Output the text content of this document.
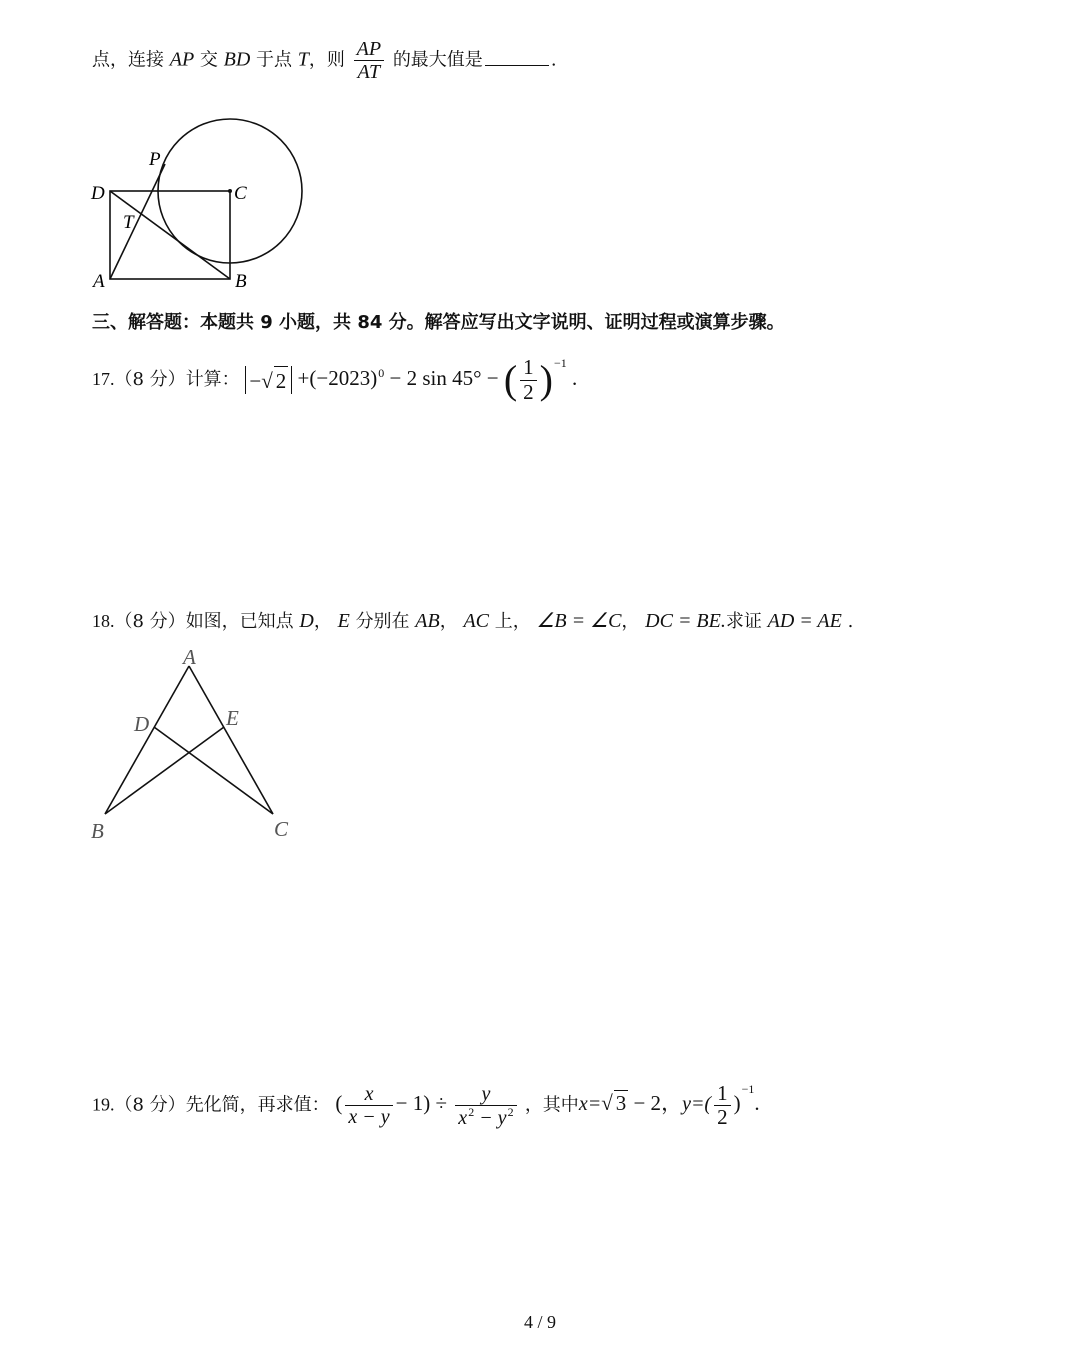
点，连接 AP 交 BD 于点 T，则 $\frac{AP}{AT}$ 的最大值是	.
P
D	C
T
A	B
三、解答题：本题共 9 小题，共 84 分。解答应写出文字说明、证明过程或演算步骤。
17.（8 分）计算： −√ $2 +(-2023)^0 - 2$ sin 45° − ( $\frac{1}{2} )^{-1}$ .
18.（8 分）如图，已知点 D， E 分别在 AB， AC 上， ∠B = ∠C， DC = BE.求证 AD = AE .
A
D	E
B	C
19.（8 分）先化简，再求值： ( $\frac{x}{x - y} - 1) \div \frac{y}{x^2 - y^2}$ ，其中x=√ 3 − 2，$y=( \frac{1}{2} )^{-1}$.
4 / 9
